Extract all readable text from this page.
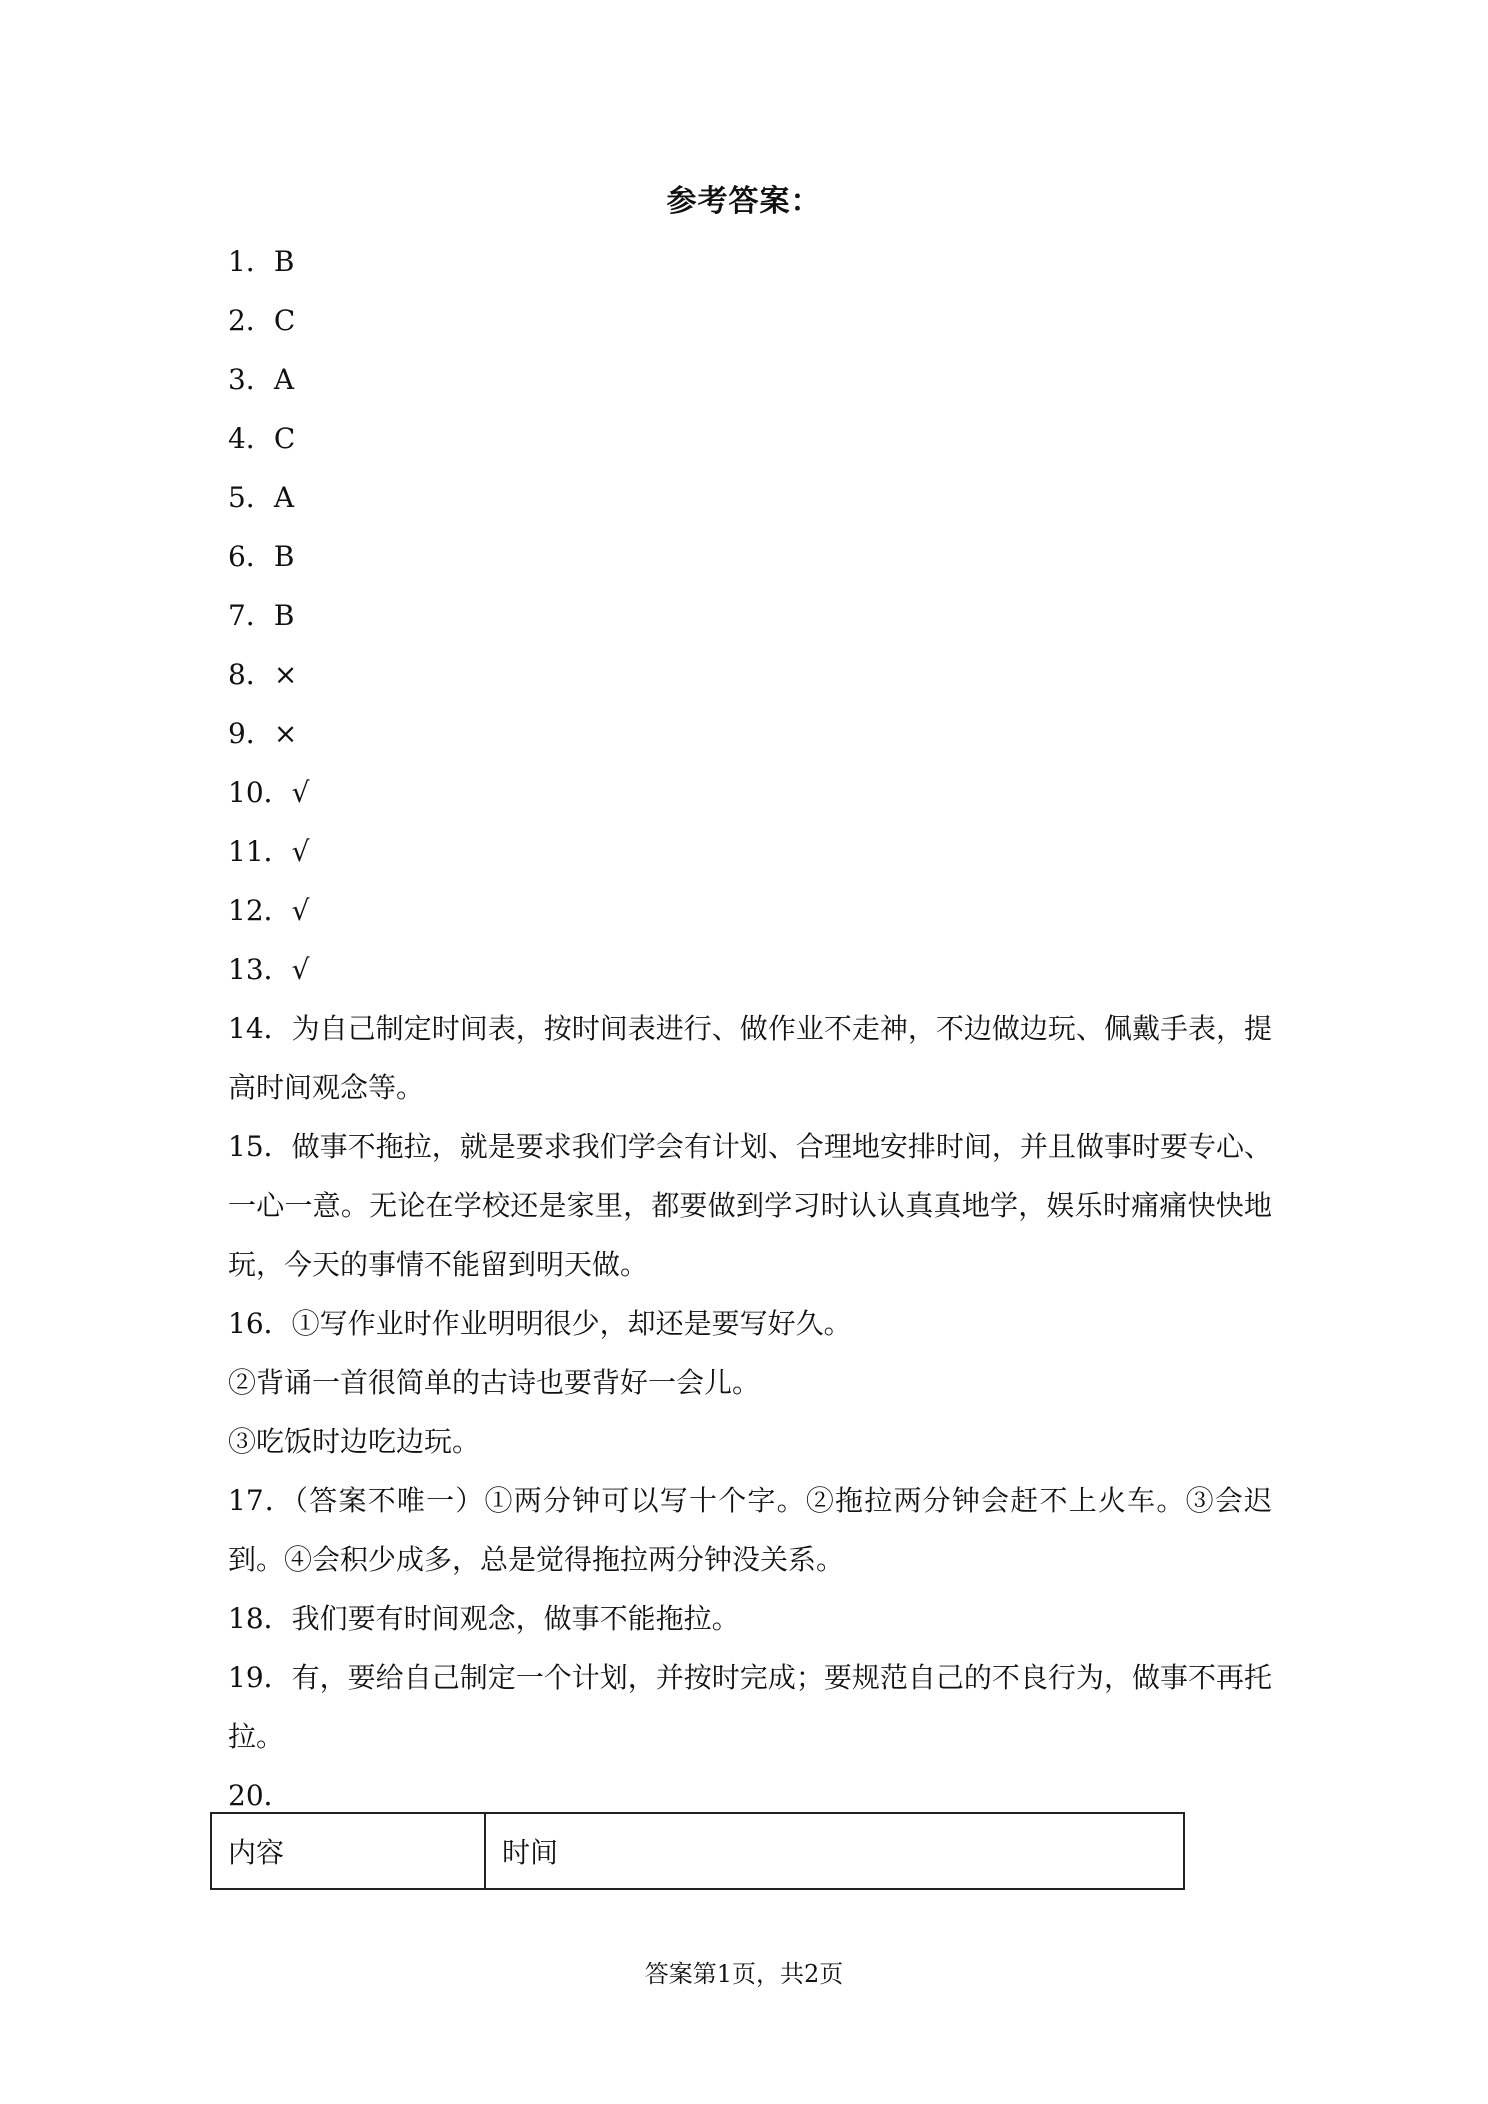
参考答案：

1．B

2．C

3．A

4．C

5．A

6．B

7．B

8．×

9．×

10．√

11．√

12．√

13．√

14．为自己制定时间表，按时间表进行、做作业不走神，不边做边玩、佩戴手表，提高时间观念等。

15．做事不拖拉，就是要求我们学会有计划、合理地安排时间，并且做事时要专心、一心一意。无论在学校还是家里，都要做到学习时认认真真地学，娱乐时痛痛快快地玩，今天的事情不能留到明天做。

16．①写作业时作业明明很少，却还是要写好久。

②背诵一首很简单的古诗也要背好一会儿。

③吃饭时边吃边玩。

17．（答案不唯一）①两分钟可以写十个字。②拖拉两分钟会赶不上火车。③会迟到。④会积少成多，总是觉得拖拉两分钟没关系。

18．我们要有时间观念，做事不能拖拉。

19．有，要给自己制定一个计划，并按时完成；要规范自己的不良行为，做事不再托拉。

20．

内容	时间
答案第1页，共2页
